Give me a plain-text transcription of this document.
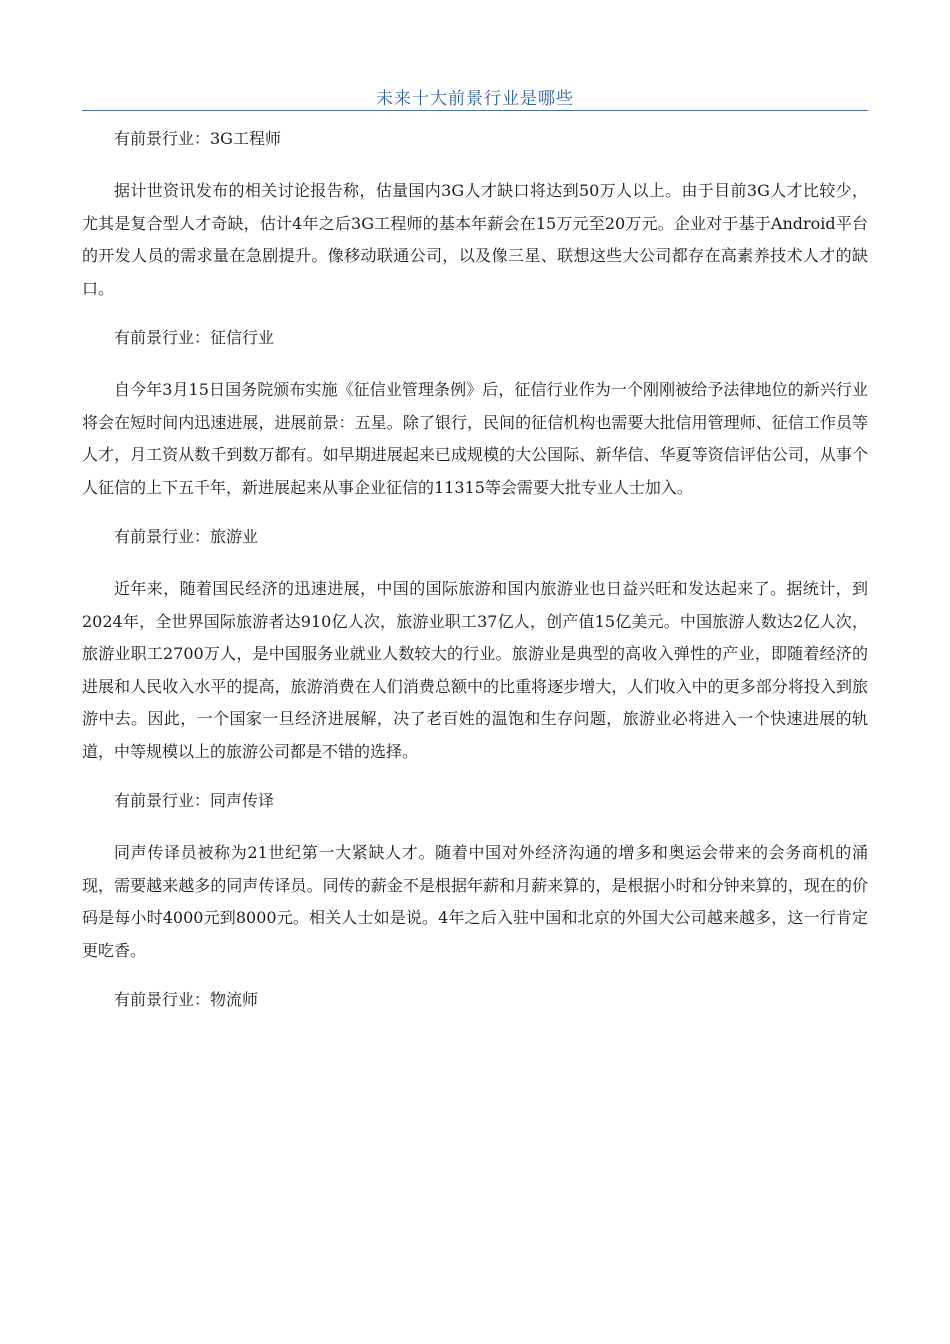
未来十大前景行业是哪些

有前景行业：3G工程师

据计世资讯发布的相关讨论报告称，估量国内3G人才缺口将达到50万人以上。由于目前3G人才比较少，尤其是复合型人才奇缺，估计4年之后3G工程师的基本年薪会在15万元至20万元。企业对于基于Android平台的开发人员的需求量在急剧提升。像移动联通公司，以及像三星、联想这些大公司都存在高素养技术人才的缺口。

有前景行业：征信行业

自今年3月15日国务院颁布实施《征信业管理条例》后，征信行业作为一个刚刚被给予法律地位的新兴行业将会在短时间内迅速进展，进展前景：五星。除了银行，民间的征信机构也需要大批信用管理师、征信工作员等人才，月工资从数千到数万都有。如早期进展起来已成规模的大公国际、新华信、华夏等资信评估公司，从事个人征信的上下五千年，新进展起来从事企业征信的11315等会需要大批专业人士加入。

有前景行业：旅游业

近年来，随着国民经济的迅速进展，中国的国际旅游和国内旅游业也日益兴旺和发达起来了。据统计，到2024年，全世界国际旅游者达910亿人次，旅游业职工37亿人，创产值15亿美元。中国旅游人数达2亿人次，旅游业职工2700万人，是中国服务业就业人数较大的行业。旅游业是典型的高收入弹性的产业，即随着经济的进展和人民收入水平的提高，旅游消费在人们消费总额中的比重将逐步增大，人们收入中的更多部分将投入到旅游中去。因此，一个国家一旦经济进展解，决了老百姓的温饱和生存问题，旅游业必将进入一个快速进展的轨道，中等规模以上的旅游公司都是不错的选择。

有前景行业：同声传译

同声传译员被称为21世纪第一大紧缺人才。随着中国对外经济沟通的增多和奥运会带来的会务商机的涌现，需要越来越多的同声传译员。同传的薪金不是根据年薪和月薪来算的，是根据小时和分钟来算的，现在的价码是每小时4000元到8000元。相关人士如是说。4年之后入驻中国和北京的外国大公司越来越多，这一行肯定更吃香。

有前景行业：物流师
